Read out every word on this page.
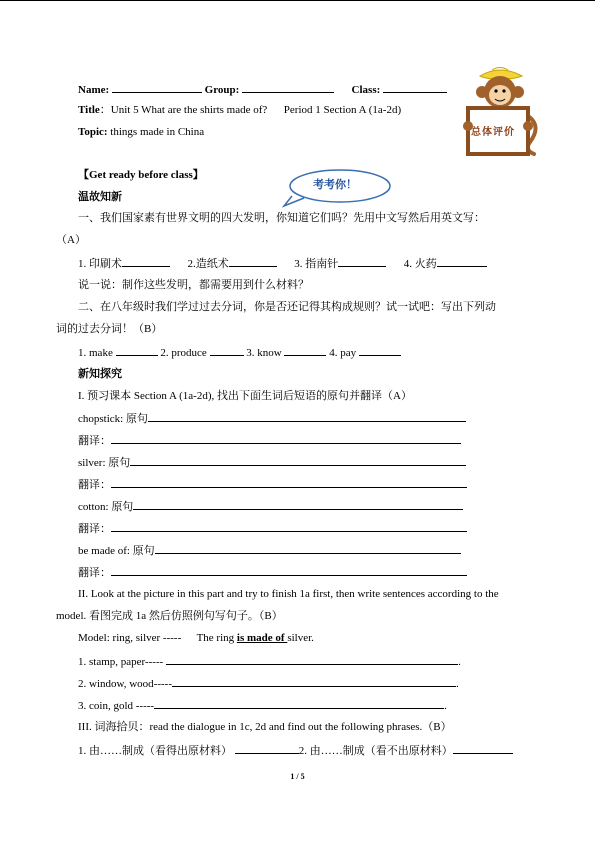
Name:	Group:	Class:
Title：Unit 5 What are the shirts made of?      Period 1 Section A (1a-2d)
Topic: things made in China	总体评价
考考你！
【Get ready before class】
温故知新
一、我们国家素有世界文明的四大发明，你知道它们吗？先用中文写然后用英文写：
（A）
1. 印刷术	2.造纸术	3. 指南针	4. 火药
说一说：制作这些发明，都需要用到什么材料？
二、在八年级时我们学过过去分词，你是否还记得其构成规则？试一试吧：写出下列动
词的过去分词！（B）
1. make	2. produce	3. know	4. pay
新知探究
I. 预习课本 Section A (1a-2d), 找出下面生词后短语的原句并翻译（A）
chopstick: 原句
翻译：
silver: 原句
翻译：
cotton: 原句
翻译：
be made of: 原句
翻译：
II. Look at the picture in this part and try to finish 1a first, then write sentences according to the
model. 看图完成 1a 然后仿照例句写句子。（B）
Model: ring, silver ----- The ring is made of silver.
1. stamp, paper-----	.
2. window, wood-----	.
3. coin, gold -----	.
III. 词海拾贝：read the dialogue in 1c, 2d and find out the following phrases.（B）
1. 由……制成（看得出原材料）	2. 由……制成（看不出原材料）
1 / 5
